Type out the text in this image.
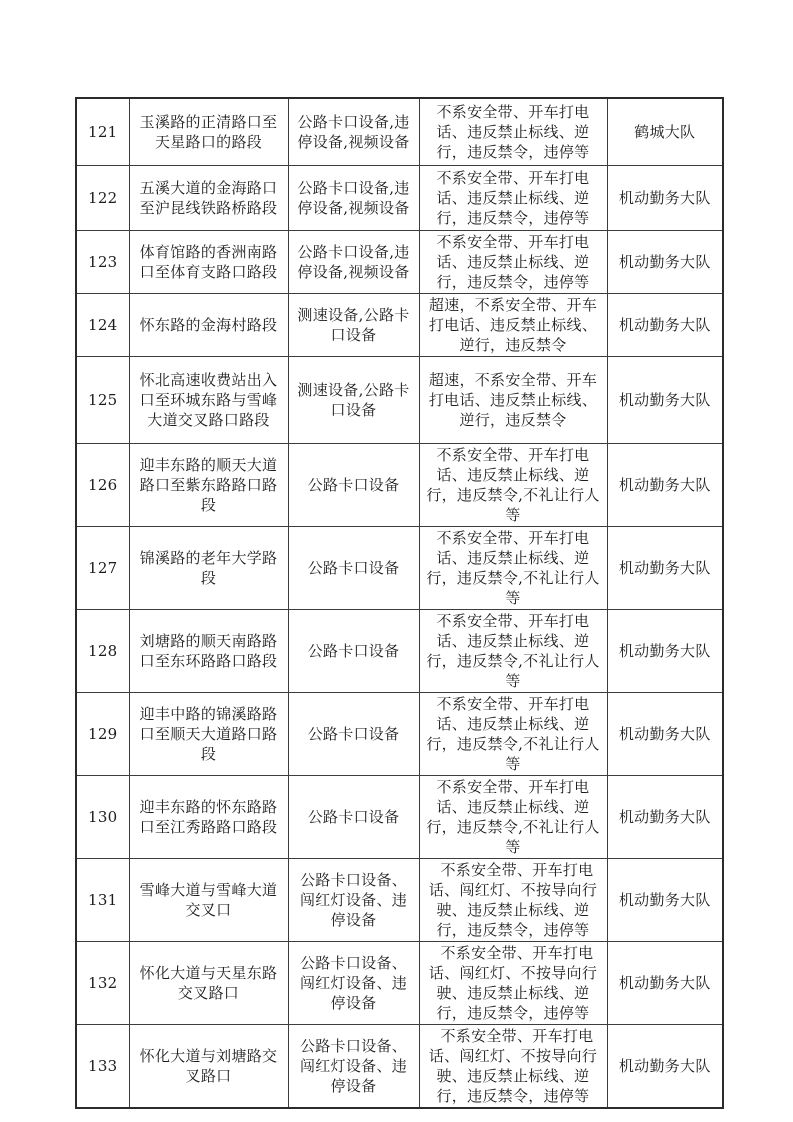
121	玉溪路的正清路口至天星路口的路段	公路卡口设备,违停设备,视频设备	不系安全带、开车打电话、违反禁止标线、逆行，违反禁令，违停等	鹤城大队
122	五溪大道的金海路口至沪昆线铁路桥路段	公路卡口设备,违停设备,视频设备	不系安全带、开车打电话、违反禁止标线、逆行，违反禁令，违停等	机动勤务大队
123	体育馆路的香洲南路口至体育支路口路段	公路卡口设备,违停设备,视频设备	不系安全带、开车打电话、违反禁止标线、逆行，违反禁令，违停等	机动勤务大队
124	怀东路的金海村路段	测速设备,公路卡口设备	超速，不系安全带、开车打电话、违反禁止标线、逆行，违反禁令	机动勤务大队
125	怀北高速收费站出入口至环城东路与雪峰大道交叉路口路段	测速设备,公路卡口设备	超速，不系安全带、开车打电话、违反禁止标线、逆行，违反禁令	机动勤务大队
126	迎丰东路的顺天大道路口至紫东路路口路段	公路卡口设备	不系安全带、开车打电话、违反禁止标线、逆行，违反禁令,不礼让行人等	机动勤务大队
127	锦溪路的老年大学路段	公路卡口设备	不系安全带、开车打电话、违反禁止标线、逆行，违反禁令,不礼让行人等	机动勤务大队
128	刘塘路的顺天南路路口至东环路路口路段	公路卡口设备	不系安全带、开车打电话、违反禁止标线、逆行，违反禁令,不礼让行人等	机动勤务大队
129	迎丰中路的锦溪路路口至顺天大道路口路段	公路卡口设备	不系安全带、开车打电话、违反禁止标线、逆行，违反禁令,不礼让行人等	机动勤务大队
130	迎丰东路的怀东路路口至江秀路路口路段	公路卡口设备	不系安全带、开车打电话、违反禁止标线、逆行，违反禁令,不礼让行人等	机动勤务大队
131	雪峰大道与雪峰大道交叉口	公路卡口设备、闯红灯设备、违停设备	不系安全带、开车打电话、闯红灯、不按导向行驶、违反禁止标线、逆行，违反禁令，违停等	机动勤务大队
132	怀化大道与天星东路交叉路口	公路卡口设备、闯红灯设备、违停设备	不系安全带、开车打电话、闯红灯、不按导向行驶、违反禁止标线、逆行，违反禁令，违停等	机动勤务大队
133	怀化大道与刘塘路交叉路口	公路卡口设备、闯红灯设备、违停设备	不系安全带、开车打电话、闯红灯、不按导向行驶、违反禁止标线、逆行，违反禁令，违停等	机动勤务大队
